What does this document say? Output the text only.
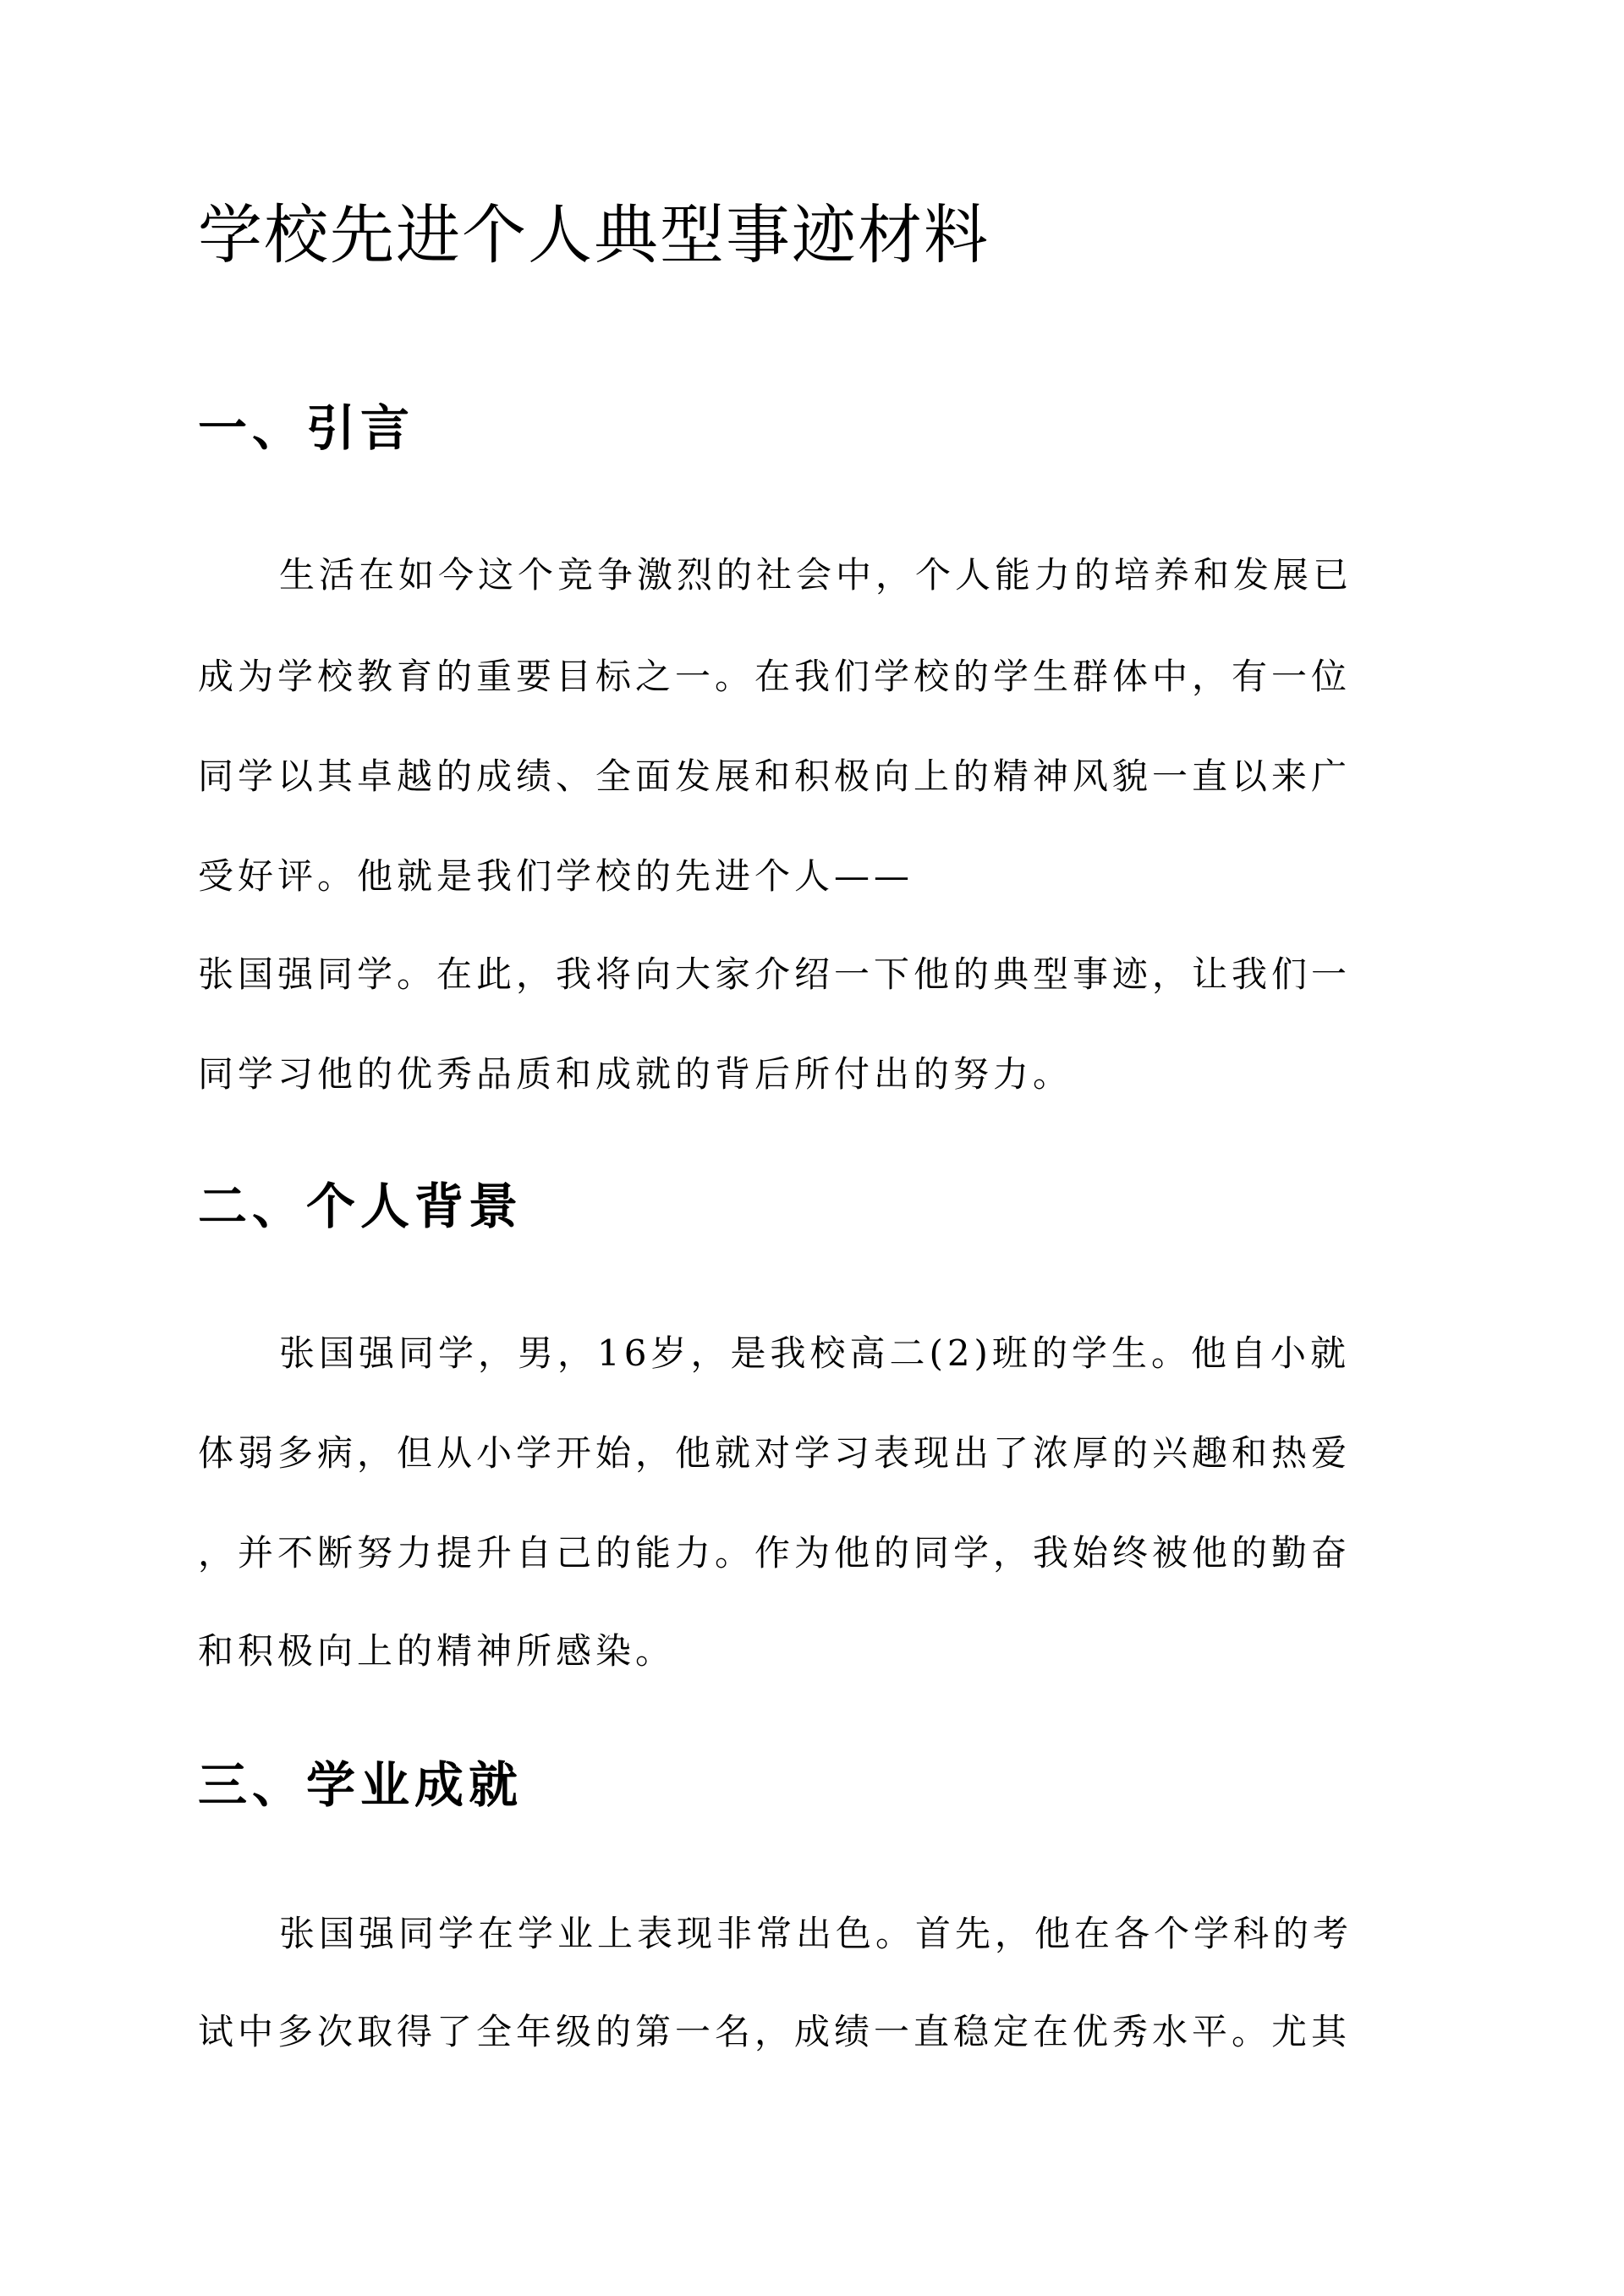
学校先进个人典型事迹材料
一、引言

生活在如今这个竞争激烈的社会中，个人能力的培养和发展已

成为学校教育的重要目标之一。在我们学校的学生群体中，有一位

同学以其卓越的成绩、全面发展和积极向上的精神风貌一直以来广

受好评。他就是我们学校的先进个人——

张国强同学。在此，我将向大家介绍一下他的典型事迹，让我们一

同学习他的优秀品质和成就的背后所付出的努力。

二、个人背景

张国强同学，男，16岁，是我校高二(2)班的学生。他自小就

体弱多病，但从小学开始，他就对学习表现出了浓厚的兴趣和热爱

，并不断努力提升自己的能力。作为他的同学，我始终被他的勤奋

和积极向上的精神所感染。

三、学业成就

张国强同学在学业上表现非常出色。首先，他在各个学科的考

试中多次取得了全年级的第一名，成绩一直稳定在优秀水平。尤其
